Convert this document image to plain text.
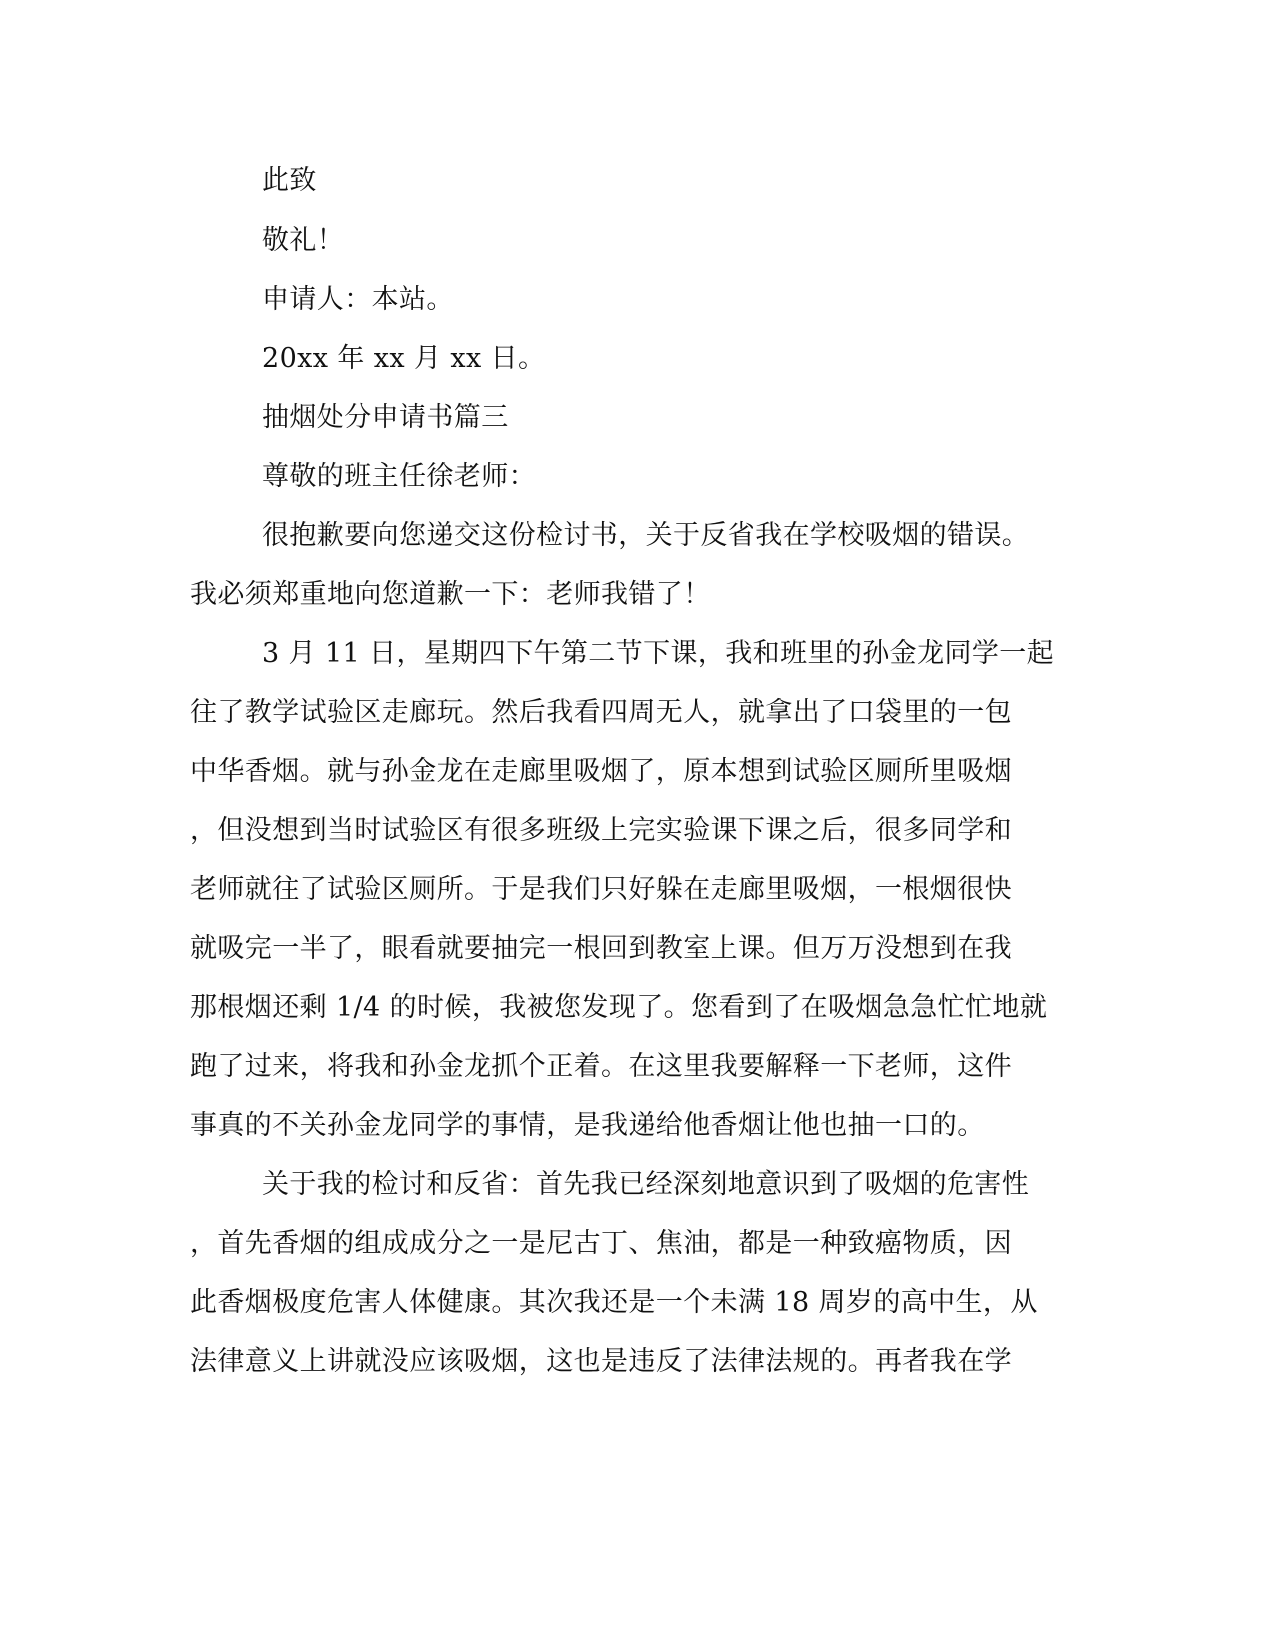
此致
敬礼！
申请人：本站。
20xx 年 xx 月 xx 日。
抽烟处分申请书篇三
尊敬的班主任徐老师：
很抱歉要向您递交这份检讨书，关于反省我在学校吸烟的错误。
我必须郑重地向您道歉一下：老师我错了！
3 月 11 日，星期四下午第二节下课，我和班里的孙金龙同学一起
往了教学试验区走廊玩。然后我看四周无人，就拿出了口袋里的一包
中华香烟。就与孙金龙在走廊里吸烟了，原本想到试验区厕所里吸烟
，但没想到当时试验区有很多班级上完实验课下课之后，很多同学和
老师就往了试验区厕所。于是我们只好躲在走廊里吸烟，一根烟很快
就吸完一半了，眼看就要抽完一根回到教室上课。但万万没想到在我
那根烟还剩 1/4 的时候，我被您发现了。您看到了在吸烟急急忙忙地就
跑了过来，将我和孙金龙抓个正着。在这里我要解释一下老师，这件
事真的不关孙金龙同学的事情，是我递给他香烟让他也抽一口的。
关于我的检讨和反省：首先我已经深刻地意识到了吸烟的危害性
，首先香烟的组成成分之一是尼古丁、焦油，都是一种致癌物质，因
此香烟极度危害人体健康。其次我还是一个未满 18 周岁的高中生，从
法律意义上讲就没应该吸烟，这也是违反了法律法规的。再者我在学
